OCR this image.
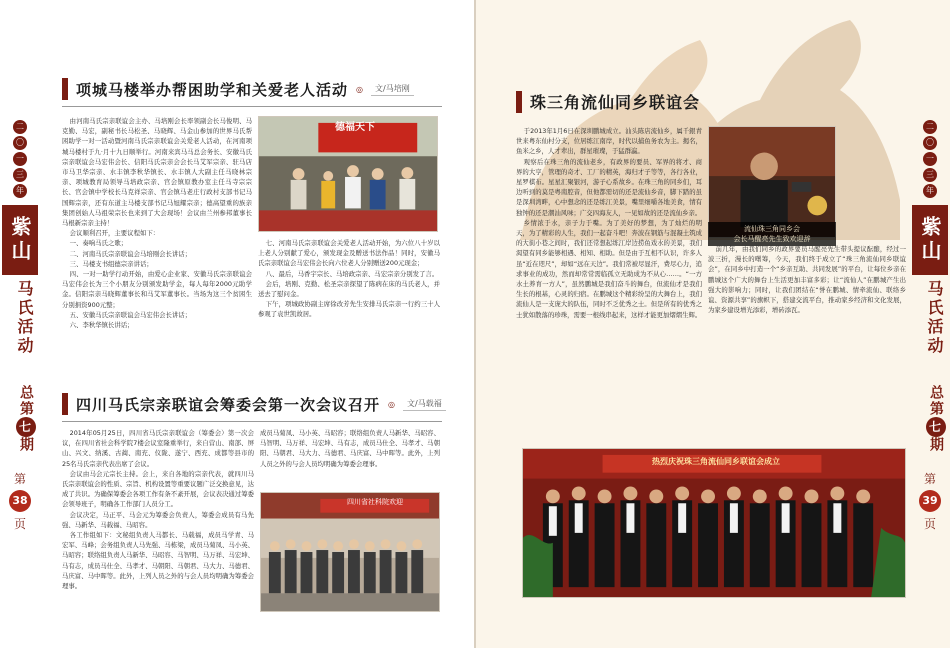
二
〇
一
三
年
紫山
马氏活动
总第七期
第
38
页
项城马楼举办帮困助学和关爱老人活动 ◎	文/马培刚

由河南马氏宗亲联谊会主办、马培刚会长率领副会长马俊明、马克勤、马宏，副秘书长马松圣、马晓辉、马金山参加的世界马氏帮困助学一对一活动暨河南马氏宗亲联谊会关爱老人活动，在河南项城马楼村于九·月十九日顺举行。河南来宾马马总会务长、安徽马氏宗亲联谊会马宏伟会长、信阳马氏宗亲会会长马艾军宗亲、驻马店市马卫华宗亲、水丰镇李秋华镇长、水丰镇人大副主任马晓林宗亲、项城教育局领导马培政宗亲、官会镇原教办室主任马寺宗宗长、官会镇中学校长马克祥宗亲、官会镇马老庄行政村支部书记马国辉宗亲，还有东道主马楼支部书记马旭耀宗亲；德高望重的族亲集团创始人马祖荣宗长也来到了大会现场！会议由兰州参邦董事长马根新宗亲主持！

会议顺利召开，主要议程如下：

一、奏响马氏之歌；

二、河南马氏宗亲联谊会马培刚会长讲话；

三、马楼支书组德宗亲讲话；

四、一对一助学行动开始，由爱心企业家、安徽马氏宗亲联谊会马宏伟会长为三个小朋友分别颁发助学金，每人每年2000元助学金。信阳宗亲马晓辉董事长和马艾军董事长。当场为这三个贫困生分别捐资900元整；

五、安徽马氏宗亲联谊会马宏伟会长讲话；

六、李秋华镇长讲话；

德福天下

七、河南马氏宗亲联谊会关爱老人活动开始，为六位八十岁以上老人分别献了爱心，颁发现金及赠送书法作品！同时，安徽马氏宗亲联谊会马宏伟会长向六位老人分别赠送200元现金；

八、最后，马香宇宗长、马培政宗亲、马宏宗亲分别发了言。

会后，培刚、克勤、松圣宗亲探望了陈病在床的马氏老人，并送去了慰问金。

下午，项城政协副主席徐改芳先生安排马氏宗亲一行约三十人参观了袁世凯故居。

四川马氏宗亲联谊会筹委会第一次会议召开 ◎	文/马载福

2014年05月25日，四川省马氏宗亲联谊会（筹委会）第一次会议，在四川省社会科学院7楼会议室隆重举行，来自营山、南部、屏山、兴文、纳溪、古蔺、南充、仪陇、遂宁、西充、成都等县市的25名马氏宗亲代表出席了会议。

会议由马会元宗长主持。会上，来自各地的宗亲代表，就四川马氏宗亲联谊会的性质、宗旨、机构设置等重要议题广泛交换意见，达成了共识。为确保筹委会各项工作有条不紊开展，会议表决通过筹委会领导班子，明确各工作部门人员分工。

会议决定，马正平、马会元为筹委会负责人，筹委会成员有马先强、马新华、马载福、马昭容。

各工作组如下：文秘组负责人马都长、马载福，成员马学青、马宏军、马峰；会务组负责人马先强、马栋梁，成员马菊凤、马小英、马昭容；联络组负责人马新华、马昭容、马智明、马万祥、马宏坤、马有志，成员马仕全、马孝才、马朝阳、马朝君、马大力、马德君、马庆富、马中晖等。此外，上列人员之外的与会人员均明确为筹委会理事。

成员马菊凤、马小英、马昭容；联络组负责人马新华、马昭容、马智明、马万祥、马宏坤、马有志，成员马仕全、马孝才、马朝阳、马朝君、马大力、马德君、马庆富、马中晖等。此外，上列人员之外的与会人员均明确为筹委会理事。

四川省社科院欢迎
二
〇
一
三
年
紫山
马氏活动
总第七期
第
39
页
珠三角流仙同乡联谊会
流仙珠三角同乡会
会长马醒亮先生致欢迎辞

于2013年1月6日在深圳鹏城成立。汕头陈店流仙乡，属千銀青世来粤东仙村分支，位居练江南岸，时代以捕鱼务农为主。揭名，鱼米之乡，人才辈出，群星璀璨，于猛群瀛。

观察后在珠三角的流仙老乡，有政界的要员、军界的将才、商界的大亨，管理的奇才、工厂的精英，海归才子等等，各行各业，星罗棋布。星星汇聚银河，游子心系故乡。在珠三角的同乡们，耳边听到的莫是粤南腔音，但他都需切的还是流仙乡音，脚下踏的虽是深圳湾畔，心中想念的还是练江美景，嘴里细嚼各地美食，情有独钟的还是潮汕风味；广交四海友人，一见如故的还是流仙乡亲。

乡情浓于水，亲子力于嘴。为了美好的梦想，为了灿烂的明天，为了精彩的人生，我们一起奋斗吧！奔波在钢筋与混凝土筑成的大街小巷之间时，我们还常想起练江岸边捞鱼戏水的美景，我们渴望有同乡能够相遇、相知、相助。但是由于互相不认识，许多人虽“近在咫尺”，却如“远在天边”。我们常被尽显汗，费尽心力，追求事业的成功，然而却常常需临孤立无助成为不从心……。“一方水土养育一方人”，虽然鹏城是我们奋斗的舞台，但流仙才是我们生长的根基，心灵的归宿。在鹏城这个精彩纷呈的大舞台上，我们流仙人是一支庞大的队伍，同时不乏优秀之士。但是所有的优秀之士犹如散落的珍珠，需要一根线串起来，这样才能更加熠熠生辉。

前几年，由我们同乡的政界要员马醒亮先生带头提议酝酿，经过一波三折，漫长的曙筹，今天，我们终于成立了“珠三角流仙同乡联谊会”，在同乡中打造一个“乡亲互助、共同发展”的平台，让每位乡亲在鹏城这个广大的舞台上生活更加丰富多彩；让“流仙人”在鹏城产生出强大的影响力；同时，让我们团结在“誉在鹏城、情牵流仙、联络乡谊、资源共享”的旗帜下，搭建交流平台，推动家乡经济和文化发展，为家乡建设增光添彩，增砖添瓦。

热烈庆祝珠三角流仙同乡联谊会成立
